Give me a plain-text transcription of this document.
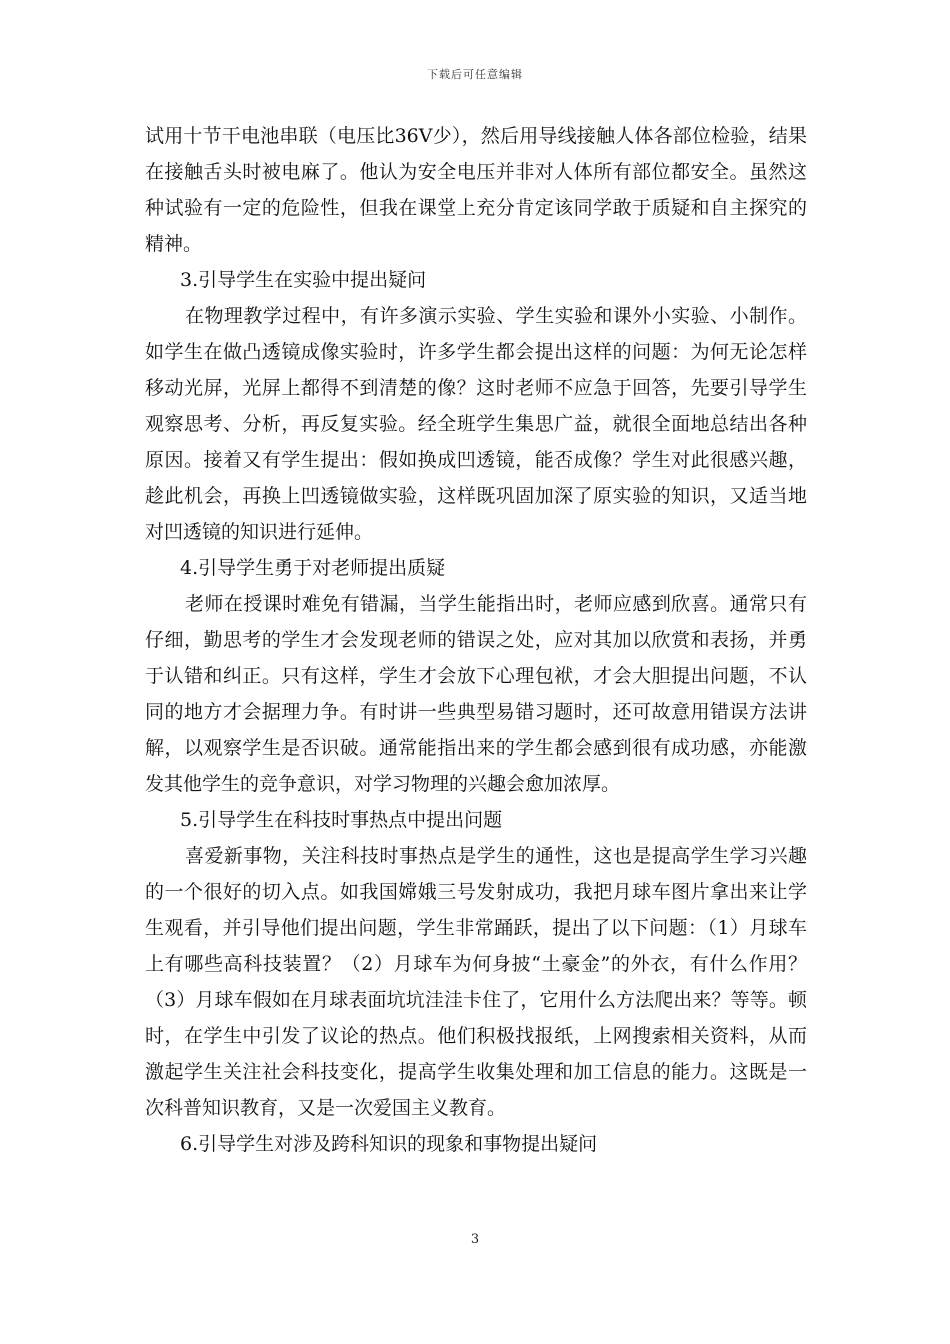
下载后可任意编辑

试用十节干电池串联（电压比36V少），然后用导线接触人体各部位检验，结果在接触舌头时被电麻了。他认为安全电压并非对人体所有部位都安全。虽然这种试验有一定的危险性，但我在课堂上充分肯定该同学敢于质疑和自主探究的精神。

3.引导学生在实验中提出疑问

在物理教学过程中，有许多演示实验、学生实验和课外小实验、小制作。如学生在做凸透镜成像实验时，许多学生都会提出这样的问题：为何无论怎样移动光屏，光屏上都得不到清楚的像？这时老师不应急于回答，先要引导学生观察思考、分析，再反复实验。经全班学生集思广益，就很全面地总结出各种原因。接着又有学生提出：假如换成凹透镜，能否成像？学生对此很感兴趣，趁此机会，再换上凹透镜做实验，这样既巩固加深了原实验的知识，又适当地对凹透镜的知识进行延伸。

4.引导学生勇于对老师提出质疑

老师在授课时难免有错漏，当学生能指出时，老师应感到欣喜。通常只有仔细，勤思考的学生才会发现老师的错误之处，应对其加以欣赏和表扬，并勇于认错和纠正。只有这样，学生才会放下心理包袱，才会大胆提出问题，不认同的地方才会据理力争。有时讲一些典型易错习题时，还可故意用错误方法讲解，以观察学生是否识破。通常能指出来的学生都会感到很有成功感，亦能激发其他学生的竞争意识，对学习物理的兴趣会愈加浓厚。

5.引导学生在科技时事热点中提出问题

喜爱新事物，关注科技时事热点是学生的通性，这也是提高学生学习兴趣的一个很好的切入点。如我国嫦娥三号发射成功，我把月球车图片拿出来让学生观看，并引导他们提出问题，学生非常踊跃，提出了以下问题：（1）月球车上有哪些高科技装置？（2）月球车为何身披“土豪金”的外衣，有什么作用？（3）月球车假如在月球表面坑坑洼洼卡住了，它用什么方法爬出来？等等。顿时，在学生中引发了议论的热点。他们积极找报纸，上网搜索相关资料，从而激起学生关注社会科技变化，提高学生收集处理和加工信息的能力。这既是一次科普知识教育，又是一次爱国主义教育。

6.引导学生对涉及跨科知识的现象和事物提出疑问

3
